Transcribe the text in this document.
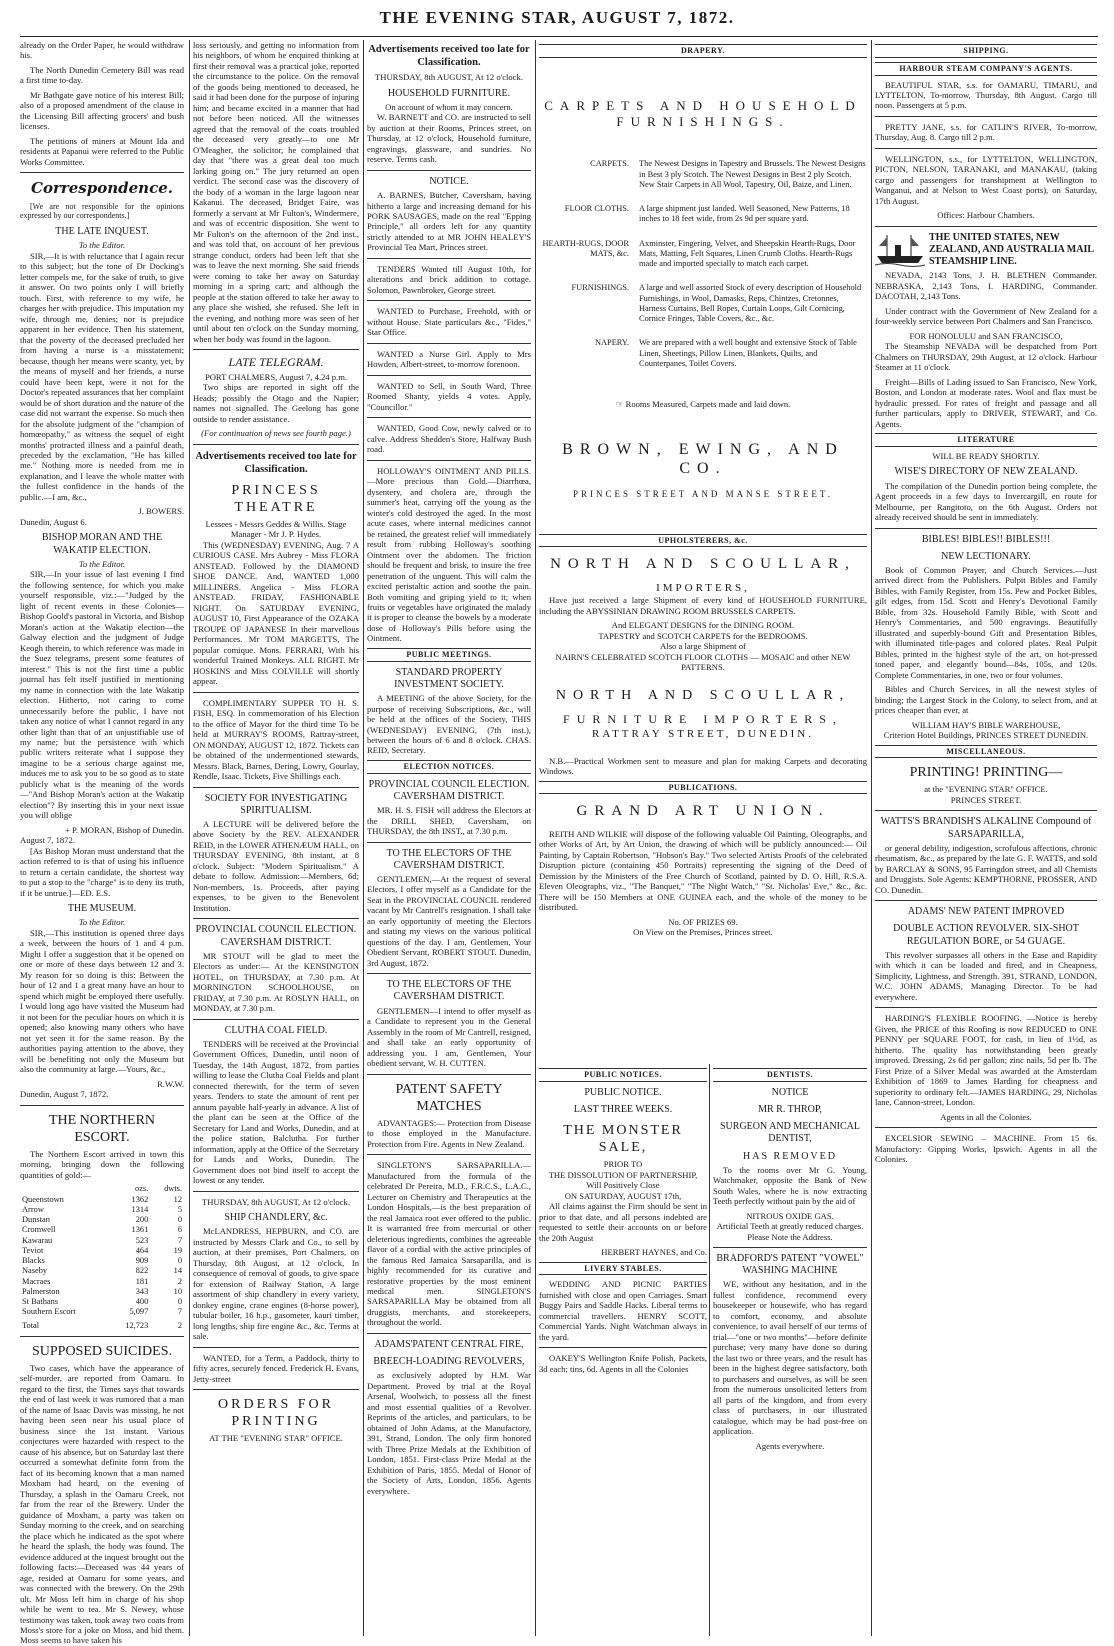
THE EVENING STAR, AUGUST 7, 1872.

already on the Order Paper, he would withdraw his.

The North Dunedin Cemetery Bill was read a first time to-day.

Mr Bathgate gave notice of his interest Bill; also of a proposed amendment of the clause in the Licensing Bill affecting grocers' and bush licenses.

The petitions of miners at Mount Ida and residents at Papanui were referred to the Public Works Committee.

Correspondence.

[We are not responsible for the opinions expressed by our correspondents.]

THE LATE INQUEST.
To the Editor.

SIR,—It is with reluctance that I again recur to this subject; but the tone of Dr Docking's letter compels me, for the sake of truth, to give it answer. On two points only I will briefly touch. First, with reference to my wife, he charges her with prejudice. This imputation my wife, through me, denies; nor is prejudice apparent in her evidence. Then his statement, that the poverty of the deceased precluded her from having a nurse is a misstatement; because, though her means were scanty, yet, by the means of myself and her friends, a nurse could have been kept, were it not for the Doctor's repeated assurances that her complaint would be of short duration and the nature of the case did not warrant the expense. So much then for the absolute judgment of the "champion of homœopathy," as witness the sequel of eight months' protracted illness and a painful death, preceded by the exclamation, "He has killed me." Nothing more is needed from me in explanation, and I leave the whole matter with the fullest confidence in the hands of the public.—I am, &c.,

J. BOWERS.
Dunedin, August 6.
BISHOP MORAN AND THE WAKATIP ELECTION.
To the Editor.

SIR,—In your issue of last evening I find the following sentence, for which you make yourself responsible, viz.:—"Judged by the light of recent events in these Colonies—Bishop Goold's pastoral in Victoria, and Bishop Moran's action at the Wakatip election—the Galway election and the judgment of Judge Keogh therein, to which reference was made in the Suez telegrams, present some features of interest." This is not the first time a public journal has felt itself justified in mentioning my name in connection with the late Wakatip election. Hitherto, not caring to come unnecessarily before the public, I have not taken any notice of what I cannot regard in any other light than that of an unjustifiable use of my name; but the persistence with which public writers reiterate what I suppose they imagine to be a serious charge against me, induces me to ask you to be so good as to state publicly what is the meaning of the words—"And Bishop Moran's action at the Wakatip election"? By inserting this in your next issue you will oblige

+ P. MORAN, Bishop of Dunedin.
August 7, 1872.

[As Bishop Moran must understand that the action referred to is that of using his influence to return a certain candidate, the shortest way to put a stop to the "charge" is to deny its truth, if it be untrue.]—ED. E.S.

THE MUSEUM.
To the Editor.

SIR,—This institution is opened three days a week, between the hours of 1 and 4 p.m. Might I offer a suggestion that it be opened on one or more of these days between 12 and 3. My reason for so doing is this: Between the hour of 12 and 1 a great many have an hour to spend which might be employed there usefully. I would long ago have visited the Museum had it not been for the peculiar hours on which it is opened; also knowing many others who have not yet seen it for the same reason. By the authorities paying attention to the above, they will be benefiting not only the Museum but also the community at large.—Yours, &c.,

R.W.W.
Dunedin, August 7, 1872.
THE NORTHERN ESCORT.

The Northern Escort arrived in town this morning, bringing down the following quantities of gold:—

	ozs.	dwts.
Queenstown	1362	12
Arrow	1314	5
Dunstan	200	0
Cromwell	1361	6
Kawarau	523	7
Teviot	464	19
Blacks	909	0
Naseby	822	14
Macraes	181	2
Palmerston	343	10
St Bathans	400	0
Southern Escort	5,097	7
Total	12,723	2
SUPPOSED SUICIDES.

Two cases, which have the appearance of self-murder, are reported from Oamaru. In regard to the first, the Times says that towards the end of last week it was rumored that a man of the name of Isaac Davis was missing, he not having been seen near his usual place of business since the 1st instant. Various conjectures were hazarded with respect to the cause of his absence, but on Saturday last there occurred a somewhat definite form from the fact of its becoming known that a man named Moxham had heard, on the evening of Thursday, a splash in the Oamaru Creek, not far from the rear of the Brewery. Under the guidance of Moxham, a party was taken on Sunday morning to the creek, and on searching the place which he indicated as the spot where he heard the splash, the body was found. The evidence adduced at the inquest brought out the following facts:—Deceased was 44 years of age, resided at Oamaru for some years, and was connected with the brewery. On the 29th ult. Mr Moss left him in charge of his shop while he went to tea. Mr S. Newey, whose testimony was taken, took away two coats from Moss's store for a joke on Moss, and bid them. Moss seems to have taken his

loss seriously, and getting no information from his neighbors, of whom he enquired thinking at first their removal was a practical joke, reported the circumstance to the police. On the removal of the goods being mentioned to deceased, he said it had been done for the purpose of injuring him; and became excited in a manner that had not before been noticed. All the witnesses agreed that the removal of the coats troubled the deceased very greatly—to one Mr O'Meagher, the solicitor, he complained that day that "there was a great deal too much larking going on." The jury returned an open verdict. The second case was the discovery of the body of a woman in the large lagoon near Kakanui. The deceased, Bridget Faire, was formerly a servant at Mr Fulton's, Windermere, and was of eccentric disposition. She went to Mr Fulton's on the afternoon of the 2nd inst., and was told that, on account of her previous strange conduct, orders had been left that she was to leave the next morning. She said friends were coming to take her away on Saturday morning in a spring cart; and although the people at the station offered to take her away to any place she wished, she refused. She left in the evening, and nothing more was seen of her until about ten o'clock on the Sunday morning, when her body was found in the lagoon.

LATE TELEGRAM.
PORT CHALMERS, August 7, 4.24 p.m.

Two ships are reported in sight off the Heads; possibly the Otago and the Napier; names not signalled. The Geelong has gone outside to render assistance.

(For continuation of news see fourth page.)
Advertisements received too late for Classification.
PRINCESS THEATRE
Lessees - Messrs Geddes & Willis. Stage Manager - Mr J. P. Hydes.

This (WEDNESDAY) EVENING, Aug. 7 A CURIOUS CASE. Mrs Aubrey - Miss FLORA ANSTEAD. Followed by the DIAMOND SHOE DANCE. And, WANTED 1,000 MILLINERS. Angelica - Miss FLORA ANSTEAD. FRIDAY, FASHIONABLE NIGHT. On SATURDAY EVENING, AUGUST 10, First Appearance of the OZAKA TROUPE OF JAPANESE In their marvellous Performances. Mr TOM MARGETTS, The popular comique. Mons. FERRARI, With his wonderful Trained Monkeys. ALL RIGHT. Mr HOSKINS and Miss COLVILLE will shortly appear.

COMPLIMENTARY SUPPER TO H. S. FISH, ESQ. In commemoration of his Election to the office of Mayor for the third time To be held at MURRAY'S ROOMS, Rattray-street, ON MONDAY, AUGUST 12, 1872. Tickets can be obtained of the undermentioned stewards, Messrs. Black, Barnes, Dering, Lowry, Gourlay, Rendle, Isaac. Tickets, Five Shillings each.

SOCIETY FOR INVESTIGATING SPIRITUALISM.

A LECTURE will be delivered before the above Society by the REV. ALEXANDER REID, in the LOWER ATHENÆUM HALL, on THURSDAY EVENING, 8th instant, at 8 o'clock. Subject: "Modern Spiritualism." A debate to follow. Admission:—Members, 6d; Non-members, 1s. Proceeds, after paying expenses, to be given to the Benevolent Institution.

PROVINCIAL COUNCIL ELECTION. CAVERSHAM DISTRICT.

MR STOUT will be glad to meet the Electors as under:— At the KENSINGTON HOTEL, on THURSDAY, at 7.30 p.m. At MORNINGTON SCHOOLHOUSE, on FRIDAY, at 7.30 p.m. At ROSLYN HALL, on MONDAY, at 7.30 p.m.

CLUTHA COAL FIELD.

TENDERS will be received at the Provincial Government Offices, Dunedin, until noon of Tuesday, the 14th August, 1872, from parties willing to lease the Clutha Coal Fields and plant connected therewith, for the term of seven years. Tenders to state the amount of rent per annum payable half-yearly in advance. A list of the plant can be seen at the Office of the Secretary for Land and Works, Dunedin, and at the police station, Balclutha. For further information, apply at the Office of the Secretary for Lands and Works, Dunedin. The Government does not bind itself to accept the lowest or any tender.

THURSDAY, 8th AUGUST, At 12 o'clock.
SHIP CHANDLERY, &c.

McLANDRESS, HEPBURN, and CO. are instructed by Messrs Clark and Co., to sell by auction, at their premises, Port Chalmers, on Thursday, 8th August, at 12 o'clock, In consequence of removal of goods, to give space for extension of Railway Station, A large assortment of ship chandlery in every variety, donkey engine, crane engines (8-horse power), tubular boiler, 16 h.p., gasometer, kauri timber, long lengths, ship fire engine &c., &c. Terms at sale.

WANTED, for a Term, a Paddock, thirty to fifty acres, securely fenced. Frederick H. Evans, Jetty-street

ORDERS FOR PRINTING
AT THE "EVENING STAR" OFFICE.
Advertisements received too late for Classification.
THURSDAY, 8th AUGUST, At 12 o'clock.
HOUSEHOLD FURNITURE.
On account of whom it may concern.

W. BARNETT and CO. are instructed to sell by auction at their Rooms, Princes street, on Thursday, at 12 o'clock, Household furniture, engravings, glassware, and sundries. No reserve. Terms cash.

NOTICE.

A. BARNES, Butcher, Caversham, having hitherto a large and increasing demand for his PORK SAUSAGES, made on the real "Epping Principle," all orders left for any quantity strictly attended to at MR JOHN HEALEY'S Provincial Tea Mart, Princes street.

TENDERS Wanted till August 10th, for alterations and brick addition to cottage. Solomon, Pawnbroker, George street.

WANTED to Purchase, Freehold, with or without House. State particulars &c., "Fides," Star Office.

WANTED a Nurse Girl. Apply to Mrs Howden, Albert-street, to-morrow forenoon.

WANTED to Sell, in South Ward, Three Roomed Shanty, yields 4 votes. Apply, "Councillor."

WANTED, Good Cow, newly calved or to calve. Address Shedden's Store, Halfway Bush road.

HOLLOWAY'S OINTMENT AND PILLS.—More precious than Gold.—Diarrhœa, dysentery, and cholera are, through the summer's heat, carrying off the young as the winter's cold destroyed the aged. In the most acute cases, where internal medicines cannot be retained, the greatest relief will immediately result from rubbing Holloway's soothing Ointment over the abdomen. The friction should be frequent and brisk, to insure the free penetration of the unguent. This will calm the excited peristaltic action and soothe the pain. Both vomiting and griping yield to it; when fruits or vegetables have originated the malady it is proper to cleanse the bowels by a moderate dose of Holloway's Pills before using the Ointment.

PUBLIC MEETINGS.
STANDARD PROPERTY INVESTMENT SOCIETY.

A MEETING of the above Society, for the purpose of receiving Subscriptions, &c., will be held at the offices of the Society, THIS (WEDNESDAY) EVENING, (7th inst.), between the hours of 6 and 8 o'clock. CHAS. REID, Secretary.

ELECTION NOTICES.
PROVINCIAL COUNCIL ELECTION. CAVERSHAM DISTRICT.

MR. H. S. FISH will address the Electors at the DRILL SHED, Caversham, on THURSDAY, the 8th INST., at 7.30 p.m.

TO THE ELECTORS OF THE CAVERSHAM DISTRICT.

GENTLEMEN,—At the request of several Electors, I offer myself as a Candidate for the Seat in the PROVINCIAL COUNCIL rendered vacant by Mr Cantrell's resignation. I shall take an early opportunity of meeting the Electors and stating my views on the various political questions of the day. I am, Gentlemen, Your Obedient Servant, ROBERT STOUT. Dunedin, 3rd August, 1872.

TO THE ELECTORS OF THE CAVERSHAM DISTRICT.

GENTLEMEN—I intend to offer myself as a Candidate to represent you in the General Assembly in the room of Mr Cantrell, resigned, and shall take an early opportunity of addressing you. I am, Gentlemen, Your obedient servant, W. H. CUTTEN.

PATENT SAFETY MATCHES

ADVANTAGES:— Protection from Disease to those employed in the Manufacture. Protection from Fire. Agents in New Zealand.

SINGLETON'S SARSAPARILLA.—Manufactured from the formula of the celebrated Dr Pereira, M.D., F.R.C.S., L.A.C., Lecturer on Chemistry and Therapeutics at the London Hospitals,—is the best preparation of the real Jamaica root ever offered to the public. It is warranted free from mercurial or other deleterious ingredients, combines the agreeable flavor of a cordial with the active principles of the famous Red Jamaica Sarsaparilla, and is highly recommended for its curative and restorative properties by the most eminent medical men. SINGLETON'S SARSAPARILLA May be obtained from all druggists, merchants, and storekeepers, throughout the world.

ADAMS'PATENT CENTRAL FIRE,
BREECH-LOADING REVOLVERS,

as exclusively adopted by H.M. War Department. Proved by trial at the Royal Arsenal, Woolwich, to possess all the finest and most essential qualities of a Revolver. Reprints of the articles, and particulars, to be obtained of John Adams, at the Manufactory, 391, Strand, London. The only firm honored with Three Prize Medals at the Exhibition of London, 1851. First-class Prize Medal at the Exhibition of Paris, 1855. Medal of Honor of the Society of Arts, London, 1856. Agents everywhere.

DRAPERY.
CARPETS AND HOUSEHOLD FURNISHINGS.
CARPETS.	The Newest Designs in Tapestry and Brussels. The Newest Designs in Best 3 ply Scotch. The Newest Designs in Best 2 ply Scotch. New Stair Carpets in All Wool, Tapestry, Oil, Baize, and Linen.
FLOOR CLOTHS.	A large shipment just landed. Well Seasoned, New Patterns, 18 inches to 18 feet wide, from 2s 9d per square yard.
HEARTH-RUGS, DOOR MATS, &c.
Axminster, Fingering, Velvet, and Sheepskin Hearth-Rugs, Door Mats, Matting, Felt Squares, Linen Crumb Cloths. Hearth-Rugs made and imported specially to match each carpet.
FURNISHINGS.	A large and well assorted Stock of every description of Household Furnishings, in Wool, Damasks, Reps, Chintzes, Cretonnes, Harness Curtains, Bell Ropes, Curtain Loops, Gilt Cornicing, Cornice Fringes, Table Covers, &c., &c.
NAPERY.	We are prepared with a well bought and extensive Stock of Table Linen, Sheetings, Pillow Linen, Blankets, Quilts, and Counterpanes, Toilet Covers.
☞ Rooms Measured, Carpets made and laid down.
BROWN, EWING, AND CO.
PRINCES STREET AND MANSE STREET.
UPHOLSTERERS, &c.
NORTH AND SCOULLAR,
IMPORTERS,

Have just received a large Shipment of every kind of HOUSEHOLD FURNITURE, including the ABYSSINIAN DRAWING ROOM BRUSSELS CARPETS.

And ELEGANT DESIGNS for the DINING ROOM.
TAPESTRY and SCOTCH CARPETS for the BEDROOMS.
Also a large Shipment of
NAIRN'S CELEBRATED SCOTCH FLOOR CLOTHS — MOSAIC and other NEW PATTERNS.
NORTH AND SCOULLAR,
FURNITURE IMPORTERS,
RATTRAY STREET, DUNEDIN.

N.B.—Practical Workmen sent to measure and plan for making Carpets and decorating Windows.

PUBLICATIONS.
GRAND ART UNION.

REITH AND WILKIE will dispose of the following valuable Oil Painting, Oleographs, and other Works of Art, by Art Union, the drawing of which will be publicly announced:— Oil Painting, by Captain Robertson, "Hobson's Bay." Two selected Artists Proofs of the celebrated Disruption picture (containing 450 Portraits) representing the signing of the Deed of Demission by the Ministers of the Free Church of Scotland, painted by D. O. Hill, R.S.A. Eleven Oleographs, viz., "The Banquet," "The Night Watch," "St. Nicholas' Eve," &c., &c. There will be 150 Members at ONE GUINEA each, and the whole of the money to be distributed.

No. OF PRIZES 69.
On View on the Premises, Princes street.
PUBLIC NOTICES.
PUBLIC NOTICE.
LAST THREE WEEKS.
THE MONSTER SALE,
PRIOR TO
THE DISSOLUTION OF PARTNERSHIP,
Will Positively Close
ON SATURDAY, AUGUST 17th,

All claims against the Firm should be sent in prior to that date, and all persons indebted are requested to settle their accounts on or before the 20th August

HERBERT HAYNES, and Co.
LIVERY STABLES.

WEDDING AND PICNIC PARTIES furnished with close and open Carriages. Smart Buggy Pairs and Saddle Hacks. Liberal terms to commercial travellers. HENRY SCOTT, Commercial Yards. Night Watchman always in the yard.

OAKEY'S Wellington Knife Polish, Packets, 3d each; tins, 6d. Agents in all the Colonies

DENTISTS.
NOTICE
MR R. THROP,
SURGEON AND MECHANICAL DENTIST,
HAS REMOVED

To the rooms over Mr G. Young, Watchmaker, opposite the Bank of New South Wales, where he is now extracting Teeth perfectly without pain by the aid of

NITROUS OXIDE GAS.
Artificial Teeth at greatly reduced charges. Please Note the Address.
BRADFORD'S PATENT "VOWEL" WASHING MACHINE

WE, without any hesitation, and in the fullest confidence, recommend every housekeeper or housewife, who has regard to comfort, economy, and absolute convenience, to avail herself of our terms of trial—"one or two months"—before definite purchase; very many have done so during the last two or three years, and the result has been in the highest degree satisfactory, both to purchasers and ourselves, as will be seen from the numerous unsolicited letters from all parts of the kingdom, and from every class of purchasers, in our illustrated catalogue, which may be had post-free on application.

Agents everywhere.
SHIPPING.
HARBOUR STEAM COMPANY'S AGENTS.

BEAUTIFUL STAR, s.s. for OAMARU, TIMARU, and LYTTELTON, To-morrow, Thursday, 8th August. Cargo till noon. Passengers at 5 p.m.

PRETTY JANE, s.s. for CATLIN'S RIVER, To-morrow, Thursday, Aug. 8. Cargo till 2 p.m.

WELLINGTON, s.s., for LYTTELTON, WELLINGTON, PICTON, NELSON, TARANAKI, and MANAKAU, (taking cargo and passengers for transhipment at Wellington to Wanganui, and at Nelson to West Coast ports), on Saturday, 17th August.

Offices: Harbour Chambers.
THE UNITED STATES, NEW ZEALAND, AND AUSTRALIA MAIL STEAMSHIP LINE.

NEVADA, 2143 Tons, J. H. BLETHEN Commander. NEBRASKA, 2,143 Tons, I. HARDING, Commander. DACOTAH, 2,143 Tons.

Under contract with the Government of New Zealand for a four-weekly service between Port Chalmers and San Francisco.

FOR HONOLULU and SAN FRANCISCO,

The Steamship NEVADA will be despatched from Port Chalmers on THURSDAY, 29th August, at 12 o'clock. Harbour Steamer at 11 o'clock.

Freight—Bills of Lading issued to San Francisco, New York, Boston, and London at moderate rates. Wool and flax must be hydraulic pressed. For rates of freight and passage and all further particulars, apply to DRIVER, STEWART, and Co. Agents.

LITERATURE
WILL BE READY SHORTLY.
WISE'S DIRECTORY OF NEW ZEALAND.

The compilation of the Dunedin portion being complete, the Agent proceeds in a few days to Invercargill, en route for Melbourne, per Rangitoto, on the 6th August. Orders not already received should be sent in immediately.

BIBLES! BIBLES!! BIBLES!!!
NEW LECTIONARY.

Book of Common Prayer, and Church Services.—Just arrived direct from the Publishers. Pulpit Bibles and Family Bibles, with Family Register, from 15s. Pew and Pocket Bibles, gilt edges, from 15d. Scott and Henry's Devotional Family Bible, from 32s. Household Family Bible, with Scott and Henry's Commentaries, and 500 engravings. Beautifully illustrated and superbly-bound Gift and Presentation Bibles, with illuminated title-pages and colored plates. Real Pulpit Bibles, printed in the highest style of the art, on hot-pressed toned paper, and elegantly bound—84s, 105s, and 120s. Complete Commentaries, in one, two or four volumes.

Bibles and Church Services, in all the newest styles of binding; the Largest Stock in the Colony, to select from, and at prices cheaper than ever, at

WILLIAM HAY'S BIBLE WAREHOUSE,
Criterion Hotel Buildings, PRINCES STREET DUNEDIN.
MISCELLANEOUS.
PRINTING! PRINTING—
at the "EVENING STAR" OFFICE.
PRINCES STREET.
WATTS'S BRANDISH'S ALKALINE Compound of SARSAPARILLA,

or general debility, indigestion, scrofulous affections, chronic rheumatism, &c., as prepared by the late G. F. WATTS, and sold by BARCLAY & SONS, 95 Farringdon street, and all Chemists and Druggists. Sole Agents: KEMPTHORNE, PROSSER, AND CO. Dunedin.

ADAMS' NEW PATENT IMPROVED
DOUBLE ACTION REVOLVER. SIX-SHOT REGULATION BORE, or 54 GUAGE.

This revolver surpasses all others in the Ease and Rapidity with which it can be loaded and fired, and in Cheapness, Simplicity, Lightness, and Strength. 391, STRAND, LONDON, W.C. JOHN ADAMS, Managing Director. To be had everywhere.

HARDING'S FLEXIBLE ROOFING. —Notice is hereby Given, the PRICE of this Roofing is now REDUCED to ONE PENNY per SQUARE FOOT, for cash, in lieu of 1½d, as hitherto. The quality has notwithstanding been greatly improved. Dressing, 2s 6d per gallon; zinc nails, 5d per lb. The First Prize of a Silver Medal was awarded at the Amsterdam Exhibition of 1869 to James Harding for cheapness and superiority to ordinary felt.—JAMES HARDING, 29, Nicholas lane, Cannon-street, London.

Agents in all the Colonies.

EXCELSIOR SEWING – MACHINE. From 15 6s. Manufactory: Gipping Works, Ipswich. Agents in all the Colonies.
